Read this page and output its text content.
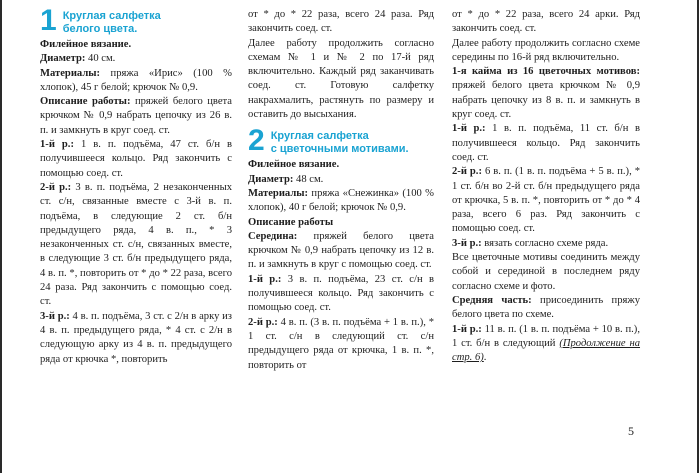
1 Круглая салфетка
белого цвета.

Филейное вязание.

Диаметр: 40 см.

Материалы: пряжа «Ирис» (100 % хлопок), 45 г белой; крючок № 0,9.

Описание работы: пряжей белого цвета крючком № 0,9 набрать цепочку из 26 в. п. и замкнуть в круг соед. ст.

1-й р.: 1 в. п. подъёма, 47 ст. б/н в получившееся кольцо. Ряд закончить с помощью соед. ст.

2-й р.: 3 в. п. подъёма, 2 незаконченных ст. с/н, связанные вместе с 3-й в. п. подъёма, в следующие 2 ст. б/н предыдущего ряда, 4 в. п., * 3 незаконченных ст. с/н, связанных вместе, в следующие 3 ст. б/н предыдущего ряда, 4 в. п. *, повторить от * до * 22 раза, всего 24 раза. Ряд закончить с помощью соед. ст.

3-й р.: 4 в. п. подъёма, 3 ст. с 2/н в арку из 4 в. п. предыдущего ряда, * 4 ст. с 2/н в следующую арку из 4 в. п. предыдущего ряда от крючка *, повторить

от * до * 22 раза, всего 24 раза. Ряд закончить соед. ст.

Далее работу продолжить согласно схемам № 1 и № 2 по 17-й ряд включительно. Каждый ряд заканчивать соед. ст. Готовую салфетку накрахмалить, растянуть по размеру и оставить до высыхания.

2 Круглая салфетка
с цветочными мотивами.

Филейное вязание.

Диаметр: 48 см.

Материалы: пряжа «Снежинка» (100 % хлопок), 40 г белой; крючок № 0,9.

Описание работы

Середина: пряжей белого цвета крючком № 0,9 набрать цепочку из 12 в. п. и замкнуть в круг с помощью соед. ст.

1-й р.: 3 в. п. подъёма, 23 ст. с/н в получившееся кольцо. Ряд закончить с помощью соед. ст.

2-й р.: 4 в. п. (3 в. п. подъёма + 1 в. п.), * 1 ст. с/н в следующий ст. с/н предыдущего ряда от крючка, 1 в. п. *, повторить от

от * до * 22 раза, всего 24 арки. Ряд закончить соед. ст.

Далее работу продолжить согласно схеме середины по 16-й ряд включительно.

1-я кайма из 16 цветочных мотивов: пряжей белого цвета крючком № 0,9 набрать цепочку из 8 в. п. и замкнуть в круг соед. ст.

1-й р.: 1 в. п. подъёма, 11 ст. б/н в получившееся кольцо. Ряд закончить соед. ст.

2-й р.: 6 в. п. (1 в. п. подъёма + 5 в. п.), * 1 ст. б/н во 2-й ст. б/н предыдущего ряда от крючка, 5 в. п. *, повторить от * до * 4 раза, всего 6 раз. Ряд закончить с помощью соед. ст.

3-й р.: вязать согласно схеме ряда.

Все цветочные мотивы соединить между собой и серединой в последнем ряду согласно схеме и фото.

Средняя часть: присоединить пряжу белого цвета по схеме.

1-й р.: 11 в. п. (1 в. п. подъёма + 10 в. п.), 1 ст. б/н в следующий (Продолжение на стр. 6).

5
